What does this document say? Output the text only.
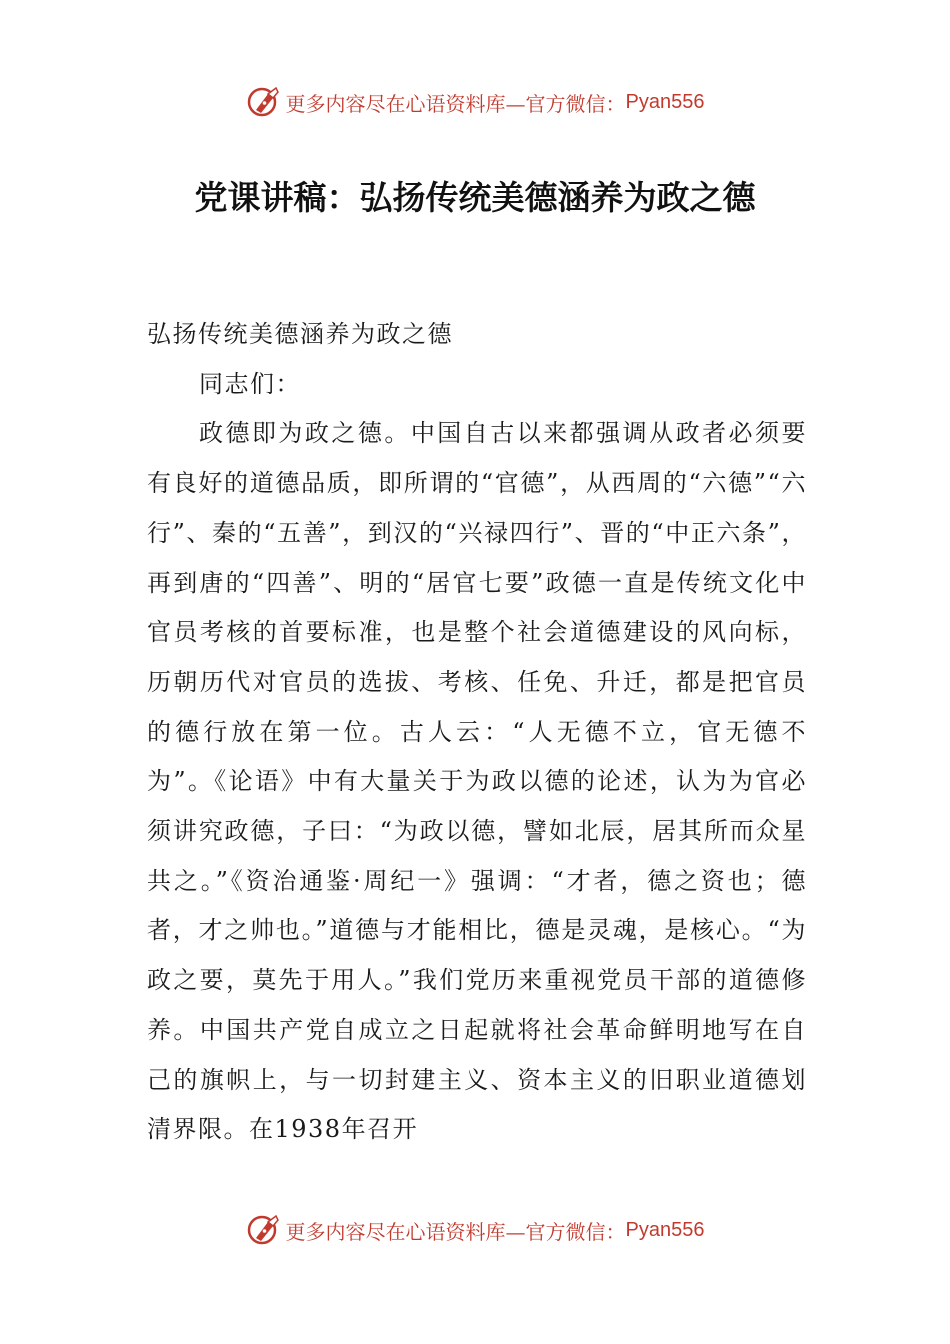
更多内容尽在心语资料库—官方微信： Pyan556
党课讲稿：弘扬传统美德涵养为政之德

弘扬传统美德涵养为政之德

同志们：

政德即为政之德。中国自古以来都强调从政者必须要有良好的道德品质，即所谓的“官德”，从西周的“六德”“六行”、秦的“五善”，到汉的“兴禄四行”、晋的“中正六条”，再到唐的“四善”、明的“居官七要”政德一直是传统文化中官员考核的首要标准，也是整个社会道德建设的风向标，历朝历代对官员的选拔、考核、任免、升迁，都是把官员的德行放在第一位。古人云：“人无德不立，官无德不为”。《论语》中有大量关于为政以德的论述，认为为官必须讲究政德，子曰：“为政以德，譬如北辰，居其所而众星共之。”《资治通鉴·周纪一》强调：“才者，德之资也；德者，才之帅也。”道德与才能相比，德是灵魂，是核心。“为政之要，莫先于用人。”我们党历来重视党员干部的道德修养。中国共产党自成立之日起就将社会革命鲜明地写在自己的旗帜上，与一切封建主义、资本主义的旧职业道德划清界限。在1938年召开

更多内容尽在心语资料库—官方微信： Pyan556
